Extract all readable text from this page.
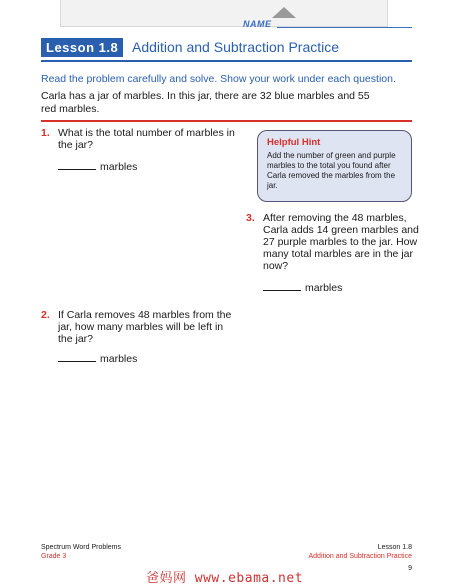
NAME
Lesson 1.8 Addition and Subtraction Practice
Read the problem carefully and solve. Show your work under each question.
Carla has a jar of marbles. In this jar, there are 32 blue marbles and 55 red marbles.
1. What is the total number of marbles in the jar?
marbles
Helpful Hint
Add the number of green and purple marbles to the total you found after Carla removed the marbles from the jar.
3. After removing the 48 marbles, Carla adds 14 green marbles and 27 purple marbles to the jar. How many total marbles are in the jar now?
marbles
2. If Carla removes 48 marbles from the jar, how many marbles will be left in the jar?
marbles
Spectrum Word Problems
Grade 3
Lesson 1.8
Addition and Subtraction Practice
9
爸妈网 www.ebama.net
